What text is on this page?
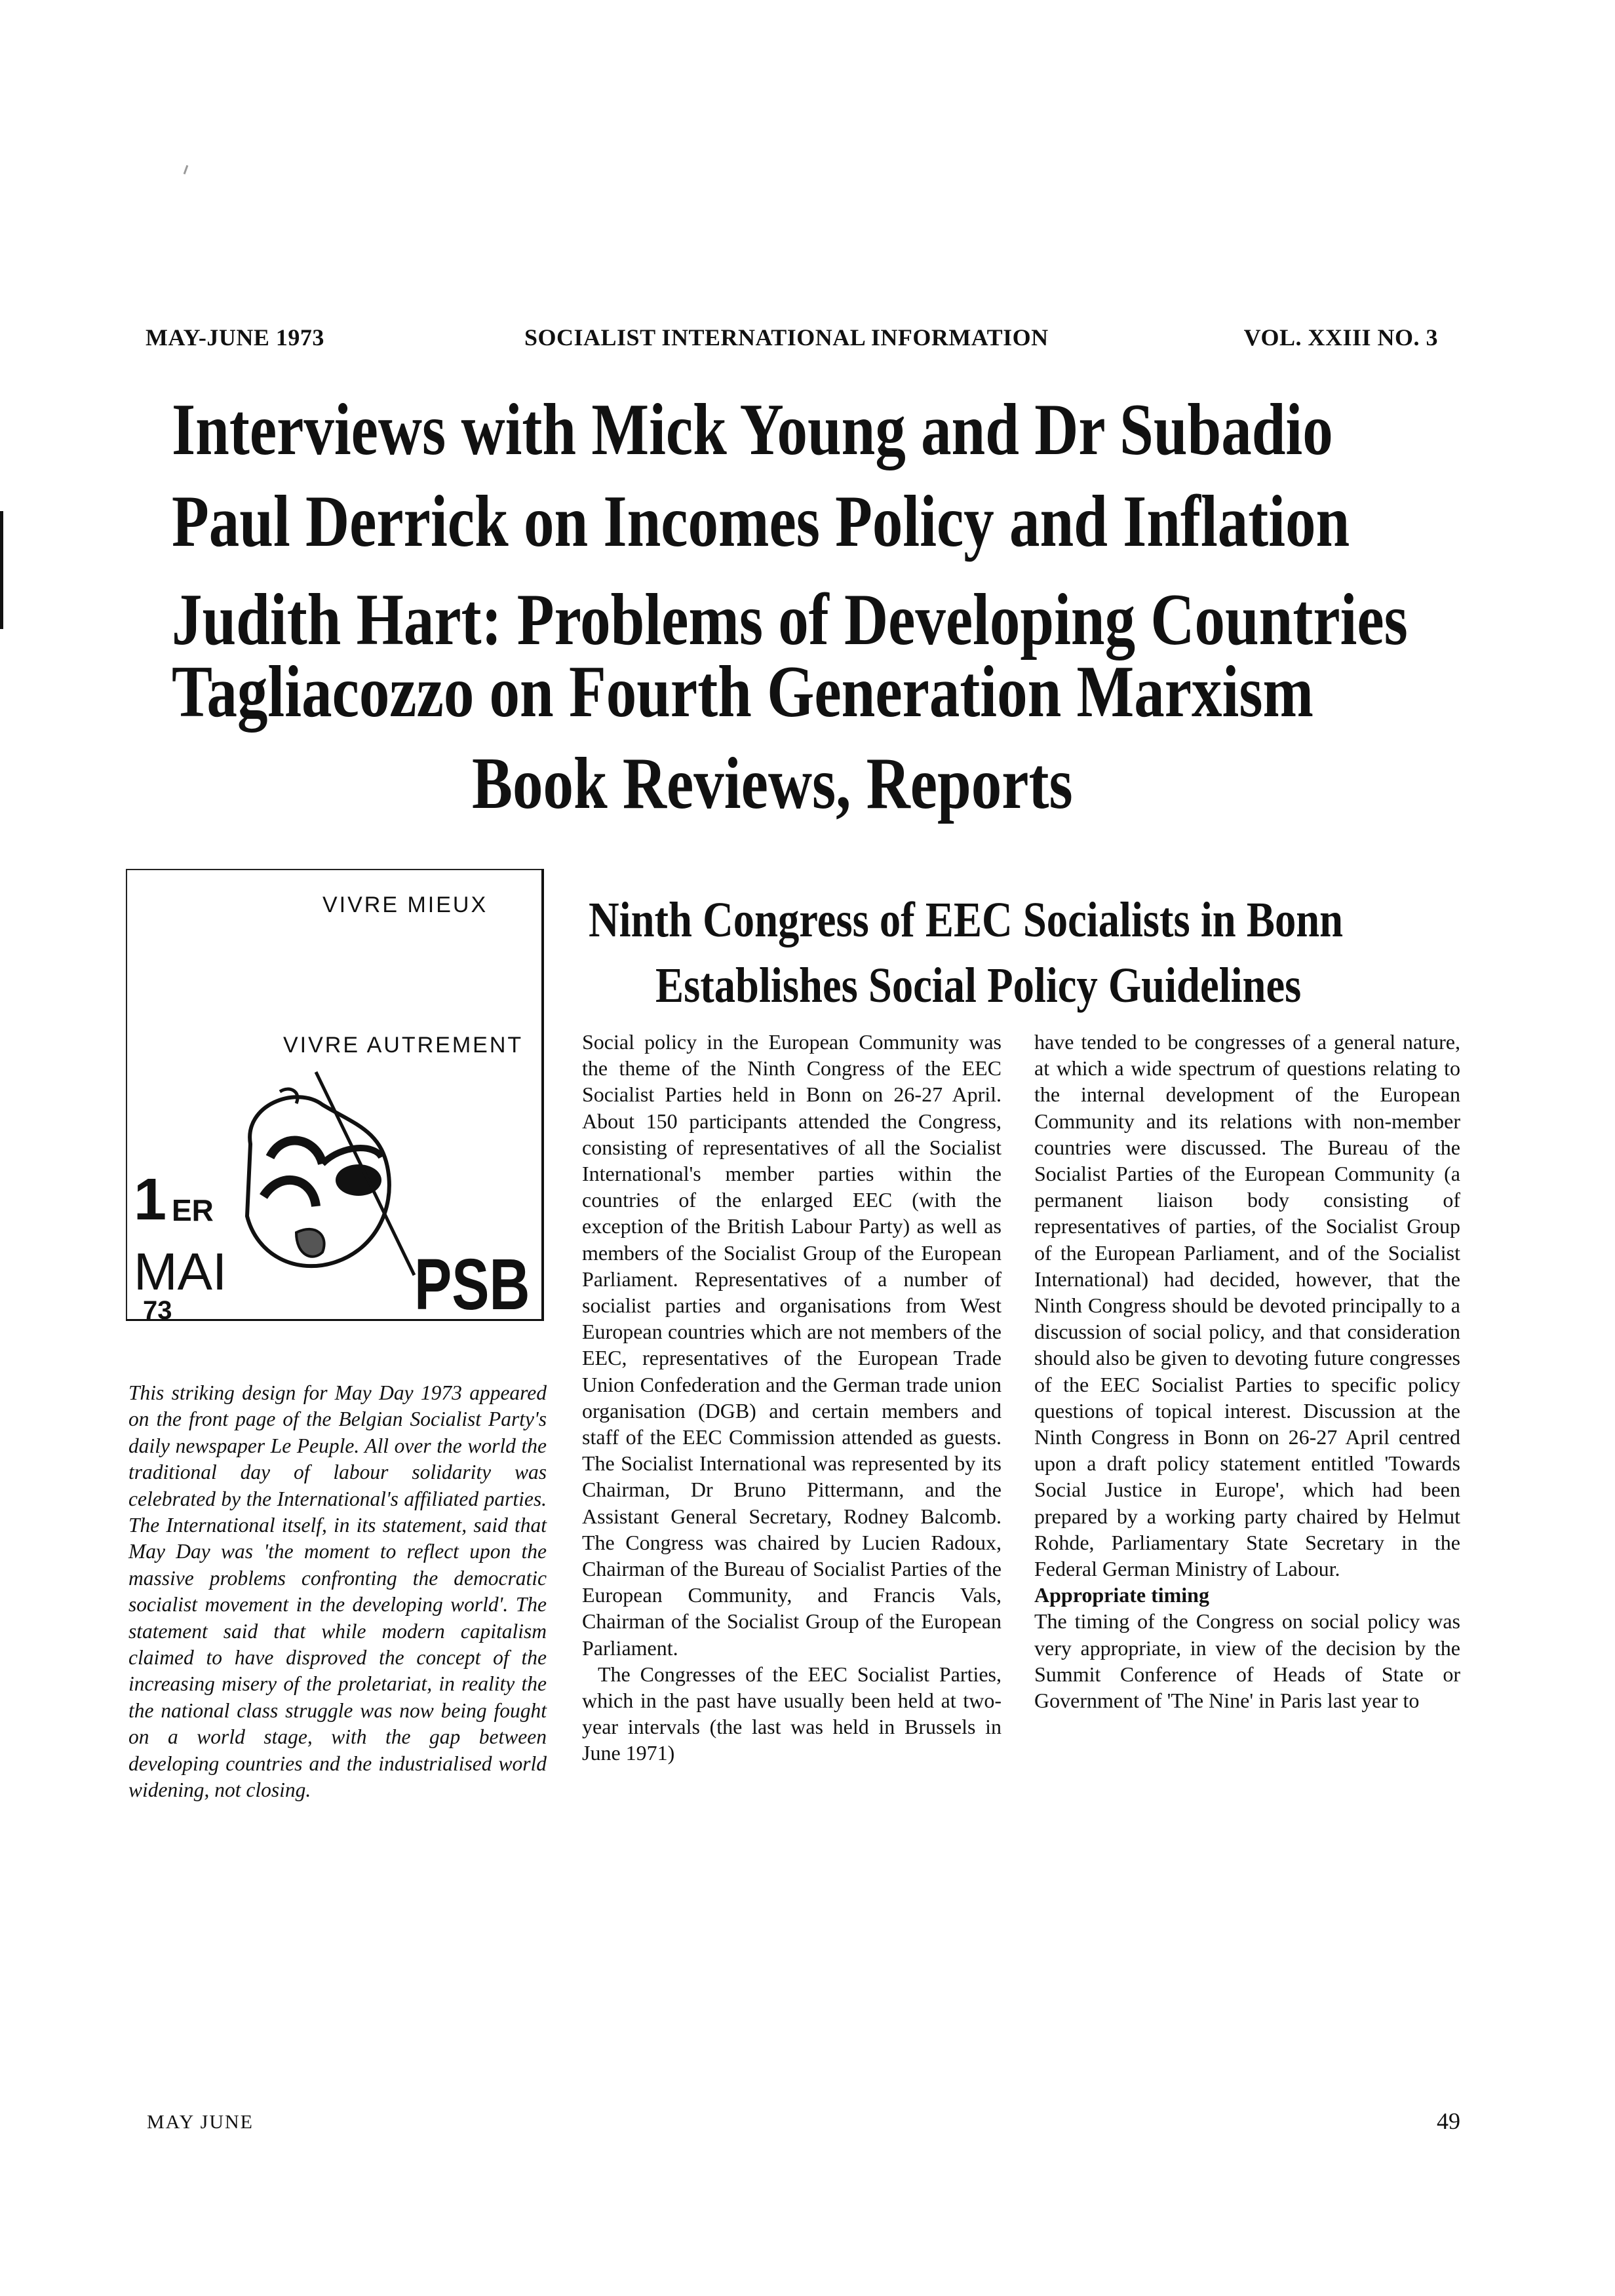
MAY-JUNE 1973	SOCIALIST INTERNATIONAL INFORMATION	VOL. XXIII NO. 3
Interviews with Mick Young and Dr Subadio
Paul Derrick on Incomes Policy and Inflation
Judith Hart: Problems of Developing Countries
Tagliacozzo on Fourth Generation Marxism
Book Reviews, Reports
VIVRE MIEUX
VIVRE AUTREMENT
1 ER
MAI
73	PSB
This striking design for May Day 1973 appeared on the front page of the Belgian Socialist Party's daily newspaper Le Peuple. All over the world the traditional day of labour solidarity was celebrated by the International's affiliated parties. The International itself, in its statement, said that May Day was 'the moment to reflect upon the massive problems confronting the democratic socialist movement in the developing world'. The statement said that while modern capitalism claimed to have disproved the concept of the increasing misery of the proletariat, in reality the the national class struggle was now being fought on a world stage, with the gap between developing countries and the industrialised world widening, not closing.
Ninth Congress of EEC Socialists in Bonn
Establishes Social Policy Guidelines

Social policy in the European Community was the theme of the Ninth Congress of the EEC Socialist Parties held in Bonn on 26-27 April. About 150 participants attended the Congress, consisting of representatives of all the Socialist International's member parties within the countries of the enlarged EEC (with the exception of the British Labour Party) as well as members of the Socialist Group of the European Parliament. Representatives of a number of socialist parties and organisations from West European countries which are not members of the EEC, representatives of the European Trade Union Confederation and the German trade union organisation (DGB) and certain members and staff of the EEC Commission attended as guests. The Socialist International was represented by its Chairman, Dr Bruno Pittermann, and the Assistant General Secretary, Rodney Balcomb. The Congress was chaired by Lucien Radoux, Chairman of the Bureau of Socialist Parties of the European Community, and Francis Vals, Chairman of the Socialist Group of the European Parliament.

The Congresses of the EEC Socialist Parties, which in the past have usually been held at two-year intervals (the last was held in Brussels in June 1971)

have tended to be congresses of a general nature, at which a wide spectrum of questions relating to the internal development of the European Community and its relations with non-member countries were discussed. The Bureau of the Socialist Parties of the European Community (a permanent liaison body consisting of representatives of parties, of the Socialist Group of the European Parliament, and of the Socialist International) had decided, however, that the Ninth Congress should be devoted principally to a discussion of social policy, and that consideration should also be given to devoting future congresses of the EEC Socialist Parties to specific policy questions of topical interest. Discussion at the Ninth Congress in Bonn on 26-27 April centred upon a draft policy statement entitled 'Towards Social Justice in Europe', which had been prepared by a working party chaired by Helmut Rohde, Parliamentary State Secretary in the Federal German Ministry of Labour.

Appropriate timing

The timing of the Congress on social policy was very appropriate, in view of the decision by the Summit Conference of Heads of State or Government of 'The Nine' in Paris last year to

MAY JUNE	49
